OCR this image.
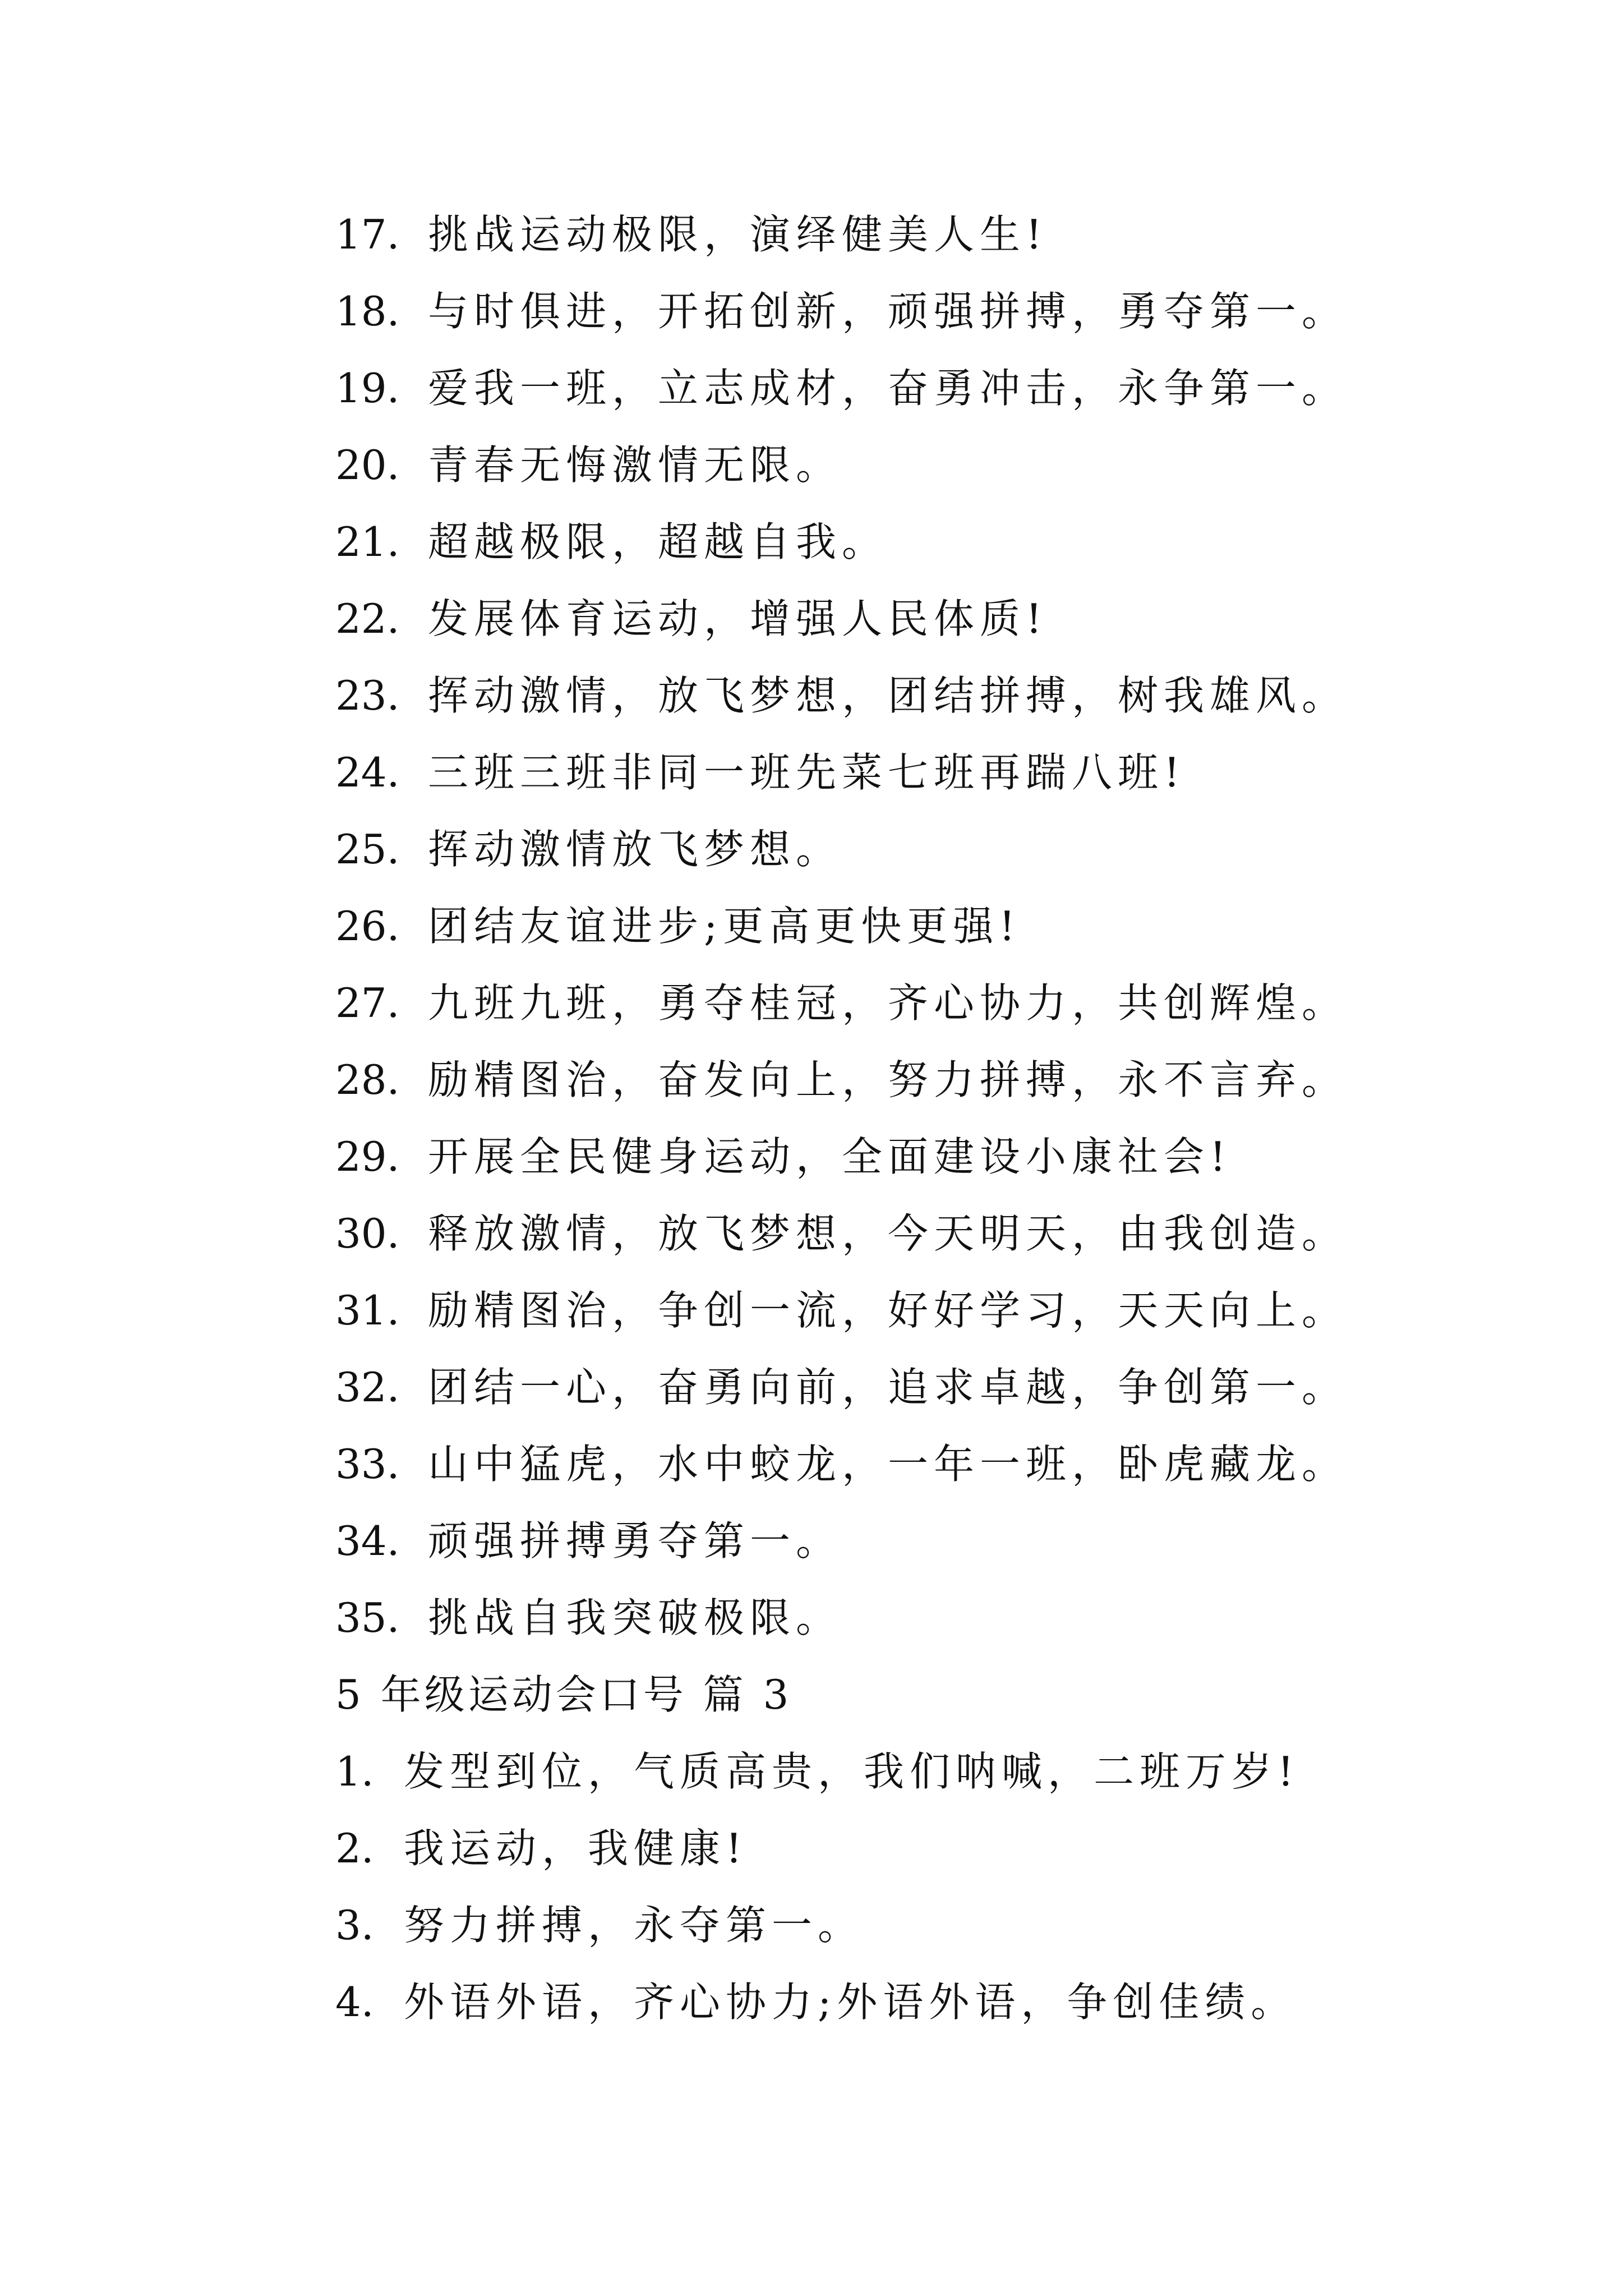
17. 挑战运动极限，演绎健美人生!
18. 与时俱进，开拓创新，顽强拼搏，勇夺第一。
19. 爱我一班，立志成材，奋勇冲击，永争第一。
20. 青春无悔激情无限。
21. 超越极限，超越自我。
22. 发展体育运动，增强人民体质!
23. 挥动激情，放飞梦想，团结拼搏，树我雄风。
24. 三班三班非同一班先菜七班再踹八班!
25. 挥动激情放飞梦想。
26. 团结友谊进步;更高更快更强!
27. 九班九班，勇夺桂冠，齐心协力，共创辉煌。
28. 励精图治，奋发向上，努力拼搏，永不言弃。
29. 开展全民健身运动，全面建设小康社会!
30. 释放激情，放飞梦想，今天明天，由我创造。
31. 励精图治，争创一流，好好学习，天天向上。
32. 团结一心，奋勇向前，追求卓越，争创第一。
33. 山中猛虎，水中蛟龙，一年一班，卧虎藏龙。
34. 顽强拼搏勇夺第一。
35. 挑战自我突破极限。
5 年级运动会口号 篇 3
1. 发型到位，气质高贵，我们呐喊，二班万岁!
2. 我运动，我健康!
3. 努力拼搏，永夺第一。
4. 外语外语，齐心协力;外语外语，争创佳绩。
